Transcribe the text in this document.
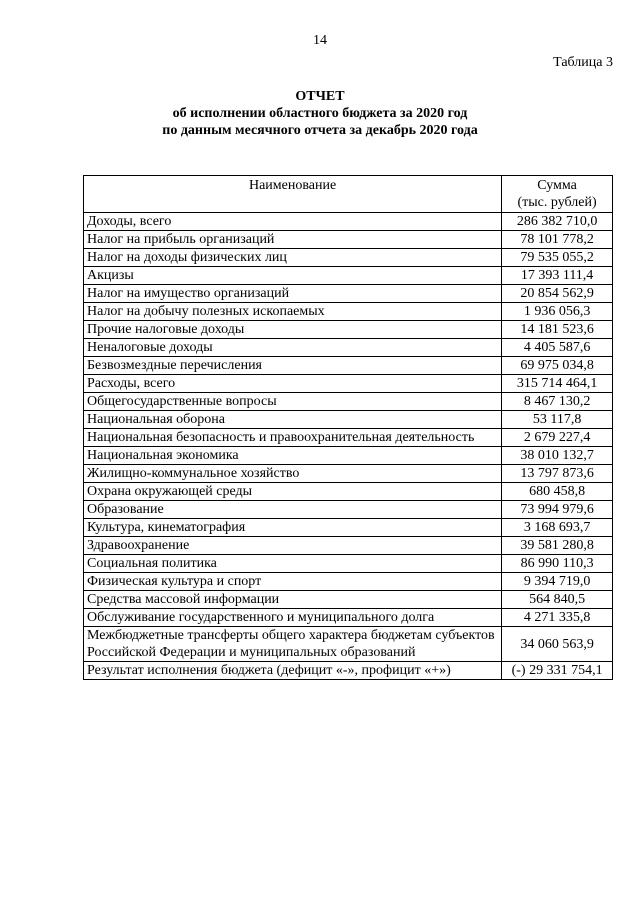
14
Таблица 3
ОТЧЕТ
об исполнении областного бюджета за 2020 год
по данным месячного отчета за декабрь 2020 года
Наименование	Сумма
(тыс. рублей)

Доходы, всего	286 382 710,0
Налог на прибыль организаций	78 101 778,2
Налог на доходы физических лиц	79 535 055,2
Акцизы	17 393 111,4
Налог на имущество организаций	20 854 562,9
Налог на добычу полезных ископаемых	1 936 056,3
Прочие налоговые доходы	14 181 523,6
Неналоговые доходы	4 405 587,6
Безвозмездные перечисления	69 975 034,8
Расходы, всего	315 714 464,1
Общегосударственные вопросы	8 467 130,2
Национальная оборона	53 117,8
Национальная безопасность и правоохранительная деятельность	2 679 227,4
Национальная экономика	38 010 132,7
Жилищно-коммунальное хозяйство	13 797 873,6
Охрана окружающей среды	680 458,8
Образование	73 994 979,6
Культура, кинематография	3 168 693,7
Здравоохранение	39 581 280,8
Социальная политика	86 990 110,3
Физическая культура и спорт	9 394 719,0
Средства массовой информации	564 840,5
Обслуживание государственного и муниципального долга	4 271 335,8
Межбюджетные трансферты общего характера бюджетам субъектов Российской Федерации и муниципальных образований	34 060 563,9
Результат исполнения бюджета (дефицит «-», профицит «+»)	(-) 29 331 754,1
